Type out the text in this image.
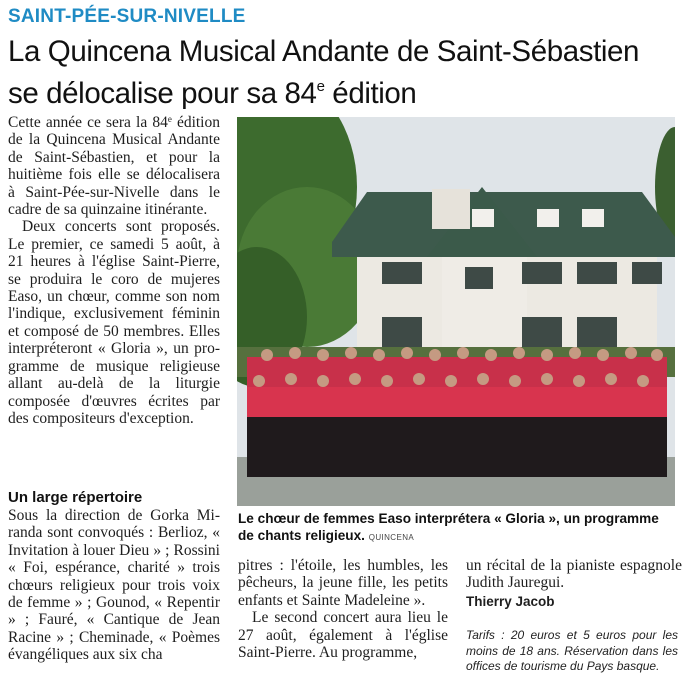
SAINT-PÉE-SUR-NIVELLE
La Quincena Musical Andante de Saint-Sébastien
se délocalise pour sa 84e édition

Cette année ce sera la 84e édition de la Quincena Musical Andante de Saint-Sébastien, et pour la huitième fois elle se délocalisera à Saint-Pée-sur-Nivelle dans le cadre de sa quinzaine itinérante.

Deux concerts sont proposés. Le premier, ce samedi 5 août, à 21 heures à l'église Saint-Pierre, se produira le coro de mujeres Easo, un chœur, comme son nom l'indique, exclusivement féminin et composé de 50 membres. Elles interpréteront « Gloria », un programme de musique religieuse allant au-delà de la liturgie composée d'œuvres écrites par des compositeurs d'exception.

Un large répertoire

Sous la direction de Gorka Miranda sont convoqués : Berlioz, « Invitation à louer Dieu » ; Rossini « Foi, espérance, charité » trois chœurs religieux pour trois voix de femme » ; Gounod, « Repentir » ; Fauré, « Cantique de Jean Racine » ; Cheminade, « Poèmes évangéliques aux six cha

Le chœur de femmes Easo interprétera « Gloria », un programme de chants religieux. QUINCENA

pitres : l'étoile, les humbles, les pêcheurs, la jeune fille, les petits enfants et Sainte Madeleine ».

Le second concert aura lieu le 27 août, également à l'église Saint-Pierre. Au programme,

un récital de la pianiste espagnole Judith Jauregui.

Thierry Jacob
Tarifs : 20 euros et 5 euros pour les moins de 18 ans. Réservation dans les offices de tourisme du Pays basque.
